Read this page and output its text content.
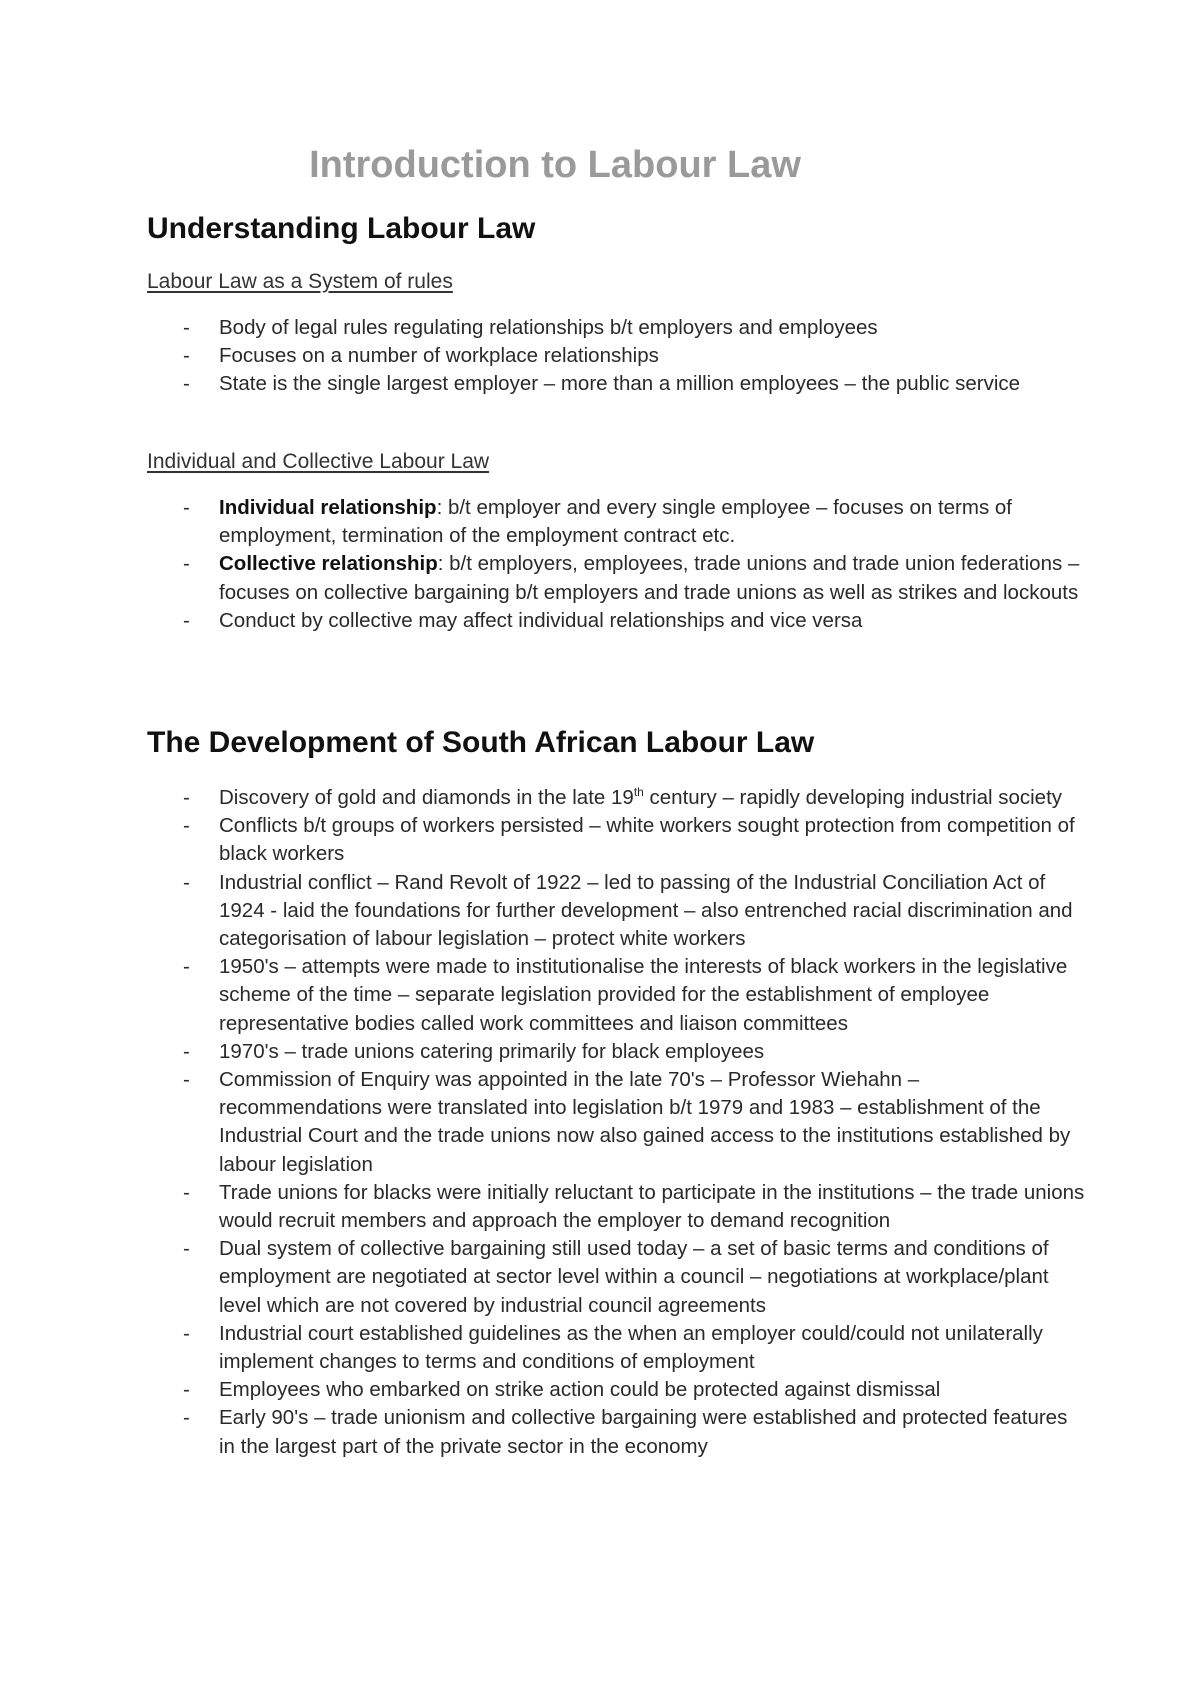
Introduction to Labour Law
Understanding Labour Law
Labour Law as a System of rules
- Body of legal rules regulating relationships b/t employers and employees
- Focuses on a number of workplace relationships
- State is the single largest employer – more than a million employees – the public service
Individual and Collective Labour Law
- Individual relationship: b/t employer and every single employee – focuses on terms of employment, termination of the employment contract etc.
- Collective relationship: b/t employers, employees, trade unions and trade union federations – focuses on collective bargaining b/t employers and trade unions as well as strikes and lockouts
- Conduct by collective may affect individual relationships and vice versa
The Development of South African Labour Law
- Discovery of gold and diamonds in the late 19th century – rapidly developing industrial society
- Conflicts b/t groups of workers persisted – white workers sought protection from competition of black workers
- Industrial conflict – Rand Revolt of 1922 – led to passing of the Industrial Conciliation Act of 1924 - laid the foundations for further development – also entrenched racial discrimination and categorisation of labour legislation – protect white workers
- 1950's – attempts were made to institutionalise the interests of black workers in the legislative scheme of the time – separate legislation provided for the establishment of employee representative bodies called work committees and liaison committees
- 1970's – trade unions catering primarily for black employees
- Commission of Enquiry was appointed in the late 70's – Professor Wiehahn – recommendations were translated into legislation b/t 1979 and 1983 – establishment of the Industrial Court and the trade unions now also gained access to the institutions established by labour legislation
- Trade unions for blacks were initially reluctant to participate in the institutions – the trade unions would recruit members and approach the employer to demand recognition
- Dual system of collective bargaining still used today – a set of basic terms and conditions of employment are negotiated at sector level within a council – negotiations at workplace/plant level which are not covered by industrial council agreements
- Industrial court established guidelines as the when an employer could/could not unilaterally implement changes to terms and conditions of employment
- Employees who embarked on strike action could be protected against dismissal
- Early 90's – trade unionism and collective bargaining were established and protected features in the largest part of the private sector in the economy
